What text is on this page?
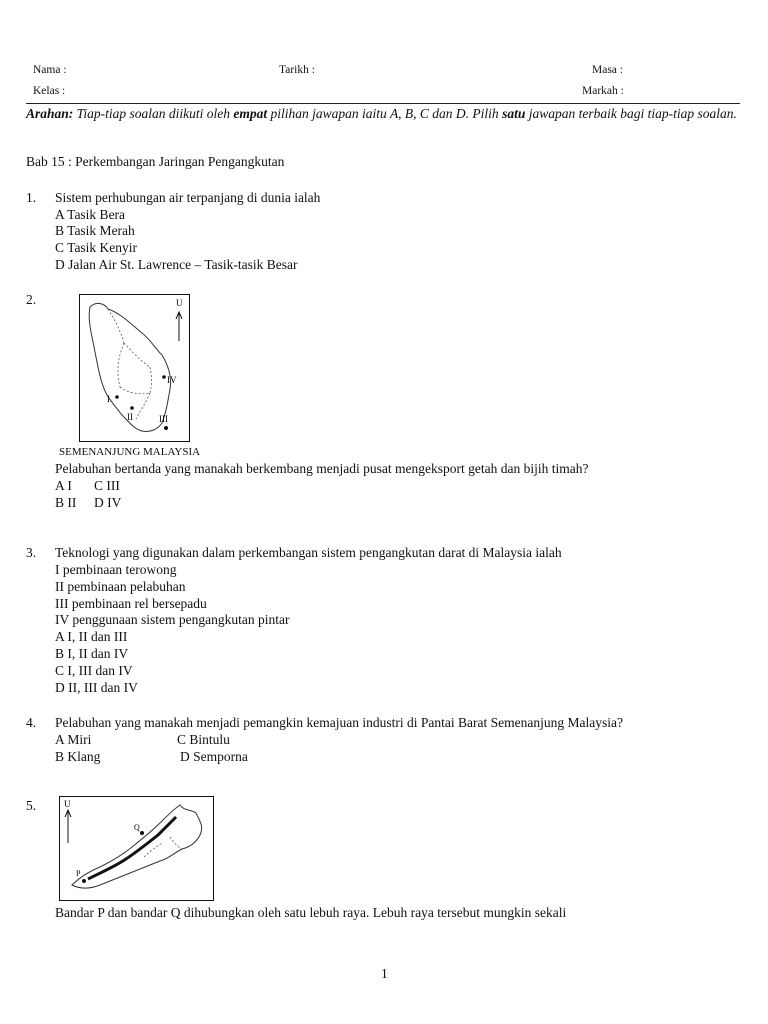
Nama :	Tarikh :	Masa :
Kelas :	Markah :
Arahan: Tiap-tiap soalan diikuti oleh empat pilihan jawapan iaitu A, B, C dan D. Pilih satu jawapan terbaik bagi tiap-tiap soalan.
Bab 15 : Perkembangan Jaringan Pengangkutan
1. Sistem perhubungan air terpanjang di dunia ialah
A Tasik Bera
B Tasik Merah
C Tasik Kenyir
D Jalan Air St. Lawrence – Tasik-tasik Besar
2.	U
I
II	III
IV
SEMENANJUNG MALAYSIA
Pelabuhan bertanda yang manakah berkembang menjadi pusat mengeksport getah dan bijih timah?
A I C III
B II D IV
3. Teknologi yang digunakan dalam perkembangan sistem pengangkutan darat di Malaysia ialah
I pembinaan terowong
II pembinaan pelabuhan
III pembinaan rel bersepadu
IV penggunaan sistem pengangkutan pintar
A I, II dan III
B I, II dan IV
C I, III dan IV
D II, III dan IV
4. Pelabuhan yang manakah menjadi pemangkin kemajuan industri di Pantai Barat Semenanjung Malaysia?
A Miri	C Bintulu
B Klang	D Semporna
5.	U
P
Q
Bandar P dan bandar Q dihubungkan oleh satu lebuh raya. Lebuh raya tersebut mungkin sekali
1
